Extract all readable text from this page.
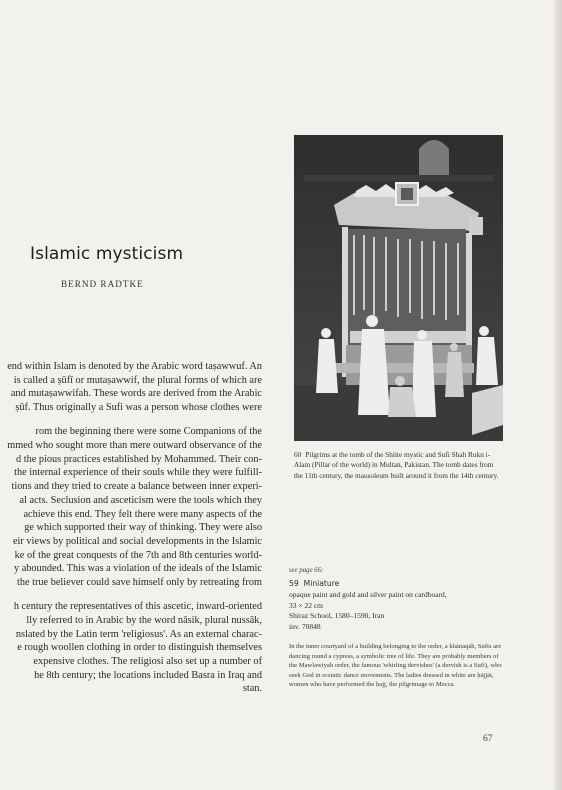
Islamic mysticism
BERND RADTKE

end within Islam is denoted by the Arabic word taṣawwuf. An
is called a ṣūfī or mutaṣawwif, the plural forms of which are
and mutaṣawwifah. These words are derived from the Arabic
ṣūf. Thus originally a Sufi was a person whose clothes were

rom the beginning there were some Companions of the
mmed who sought more than mere outward observance of the
d the pious practices established by Mohammed. Their con-
the internal experience of their souls while they were fulfill-
tions and they tried to create a balance between inner experi-
al acts. Seclusion and asceticism were the tools which they
achieve this end. They felt there were many aspects of the
ge which supported their way of thinking. They were also
eir views by political and social developments in the Islamic
ke of the great conquests of the 7th and 8th centuries world-
y abounded. This was a violation of the ideals of the Islamic
the true believer could save himself only by retreating from

h century the representatives of this ascetic, inward-oriented
lly referred to in Arabic by the word nāsik, plural nussāk,
nslated by the Latin term 'religiosus'. As an external charac-
e rough woollen clothing in order to distinguish themselves
expensive clothes. The religiosi also set up a number of
he 8th century; the locations included Basra in Iraq and
stan.

60 Pilgrims at the tomb of the Shiite mystic and Sufi Shah Rukn i-Alam (Pillar of the world) in Multan, Pakistan. The tomb dates from the 11th century, the mausoleum built around it from the 14th century.

see page 66:
59 Miniature
opaque paint and gold and silver paint on cardboard,
33 × 22 cm
Shiraz School, 1580–1590, Iran
inv. 70848
In the inner courtyard of a building belonging to the order, a khānaqāh, Sufis are dancing round a cypress, a symbolic tree of life. They are probably members of the Mawlawiyah order, the famous 'whirling dervishes' (a dervish is a Sufi), who seek God in ecstatic dance movements. The ladies dressed in white are ḥājjāt, women who have performed the ḥajj, the pilgrimage to Mecca.
67
